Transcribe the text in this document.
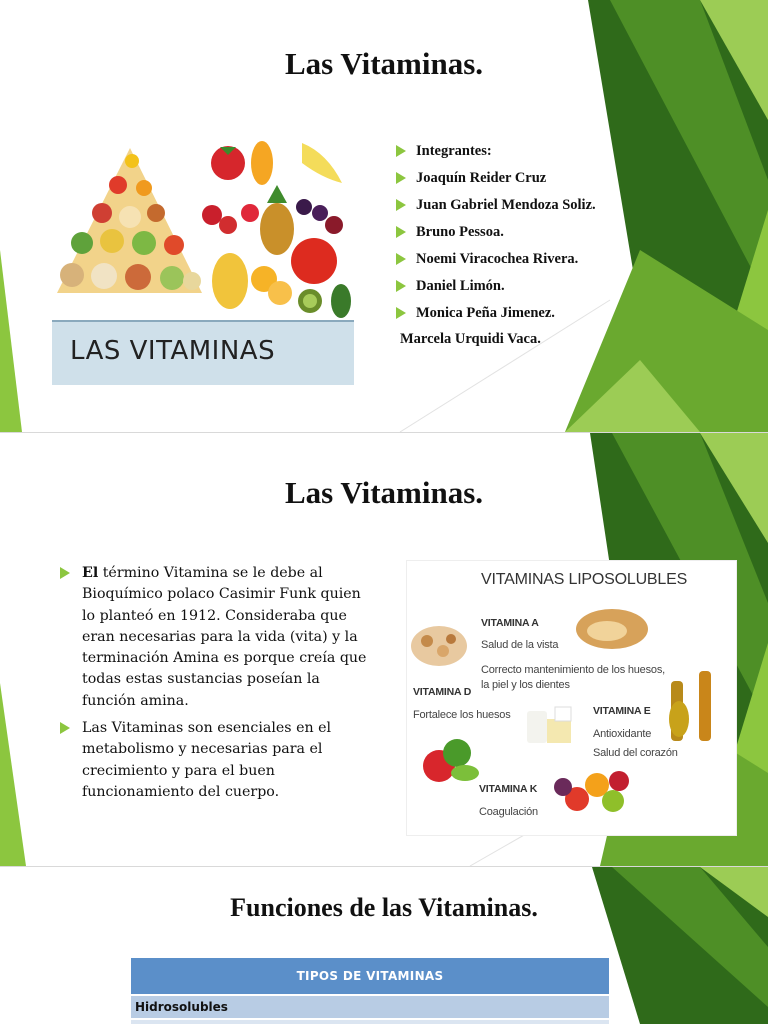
Las Vitaminas.
LAS VITAMINAS
Integrantes:
Joaquín Reider Cruz
Juan Gabriel Mendoza Soliz.
Bruno Pessoa.
Noemi Viracochea Rivera.
Daniel Limón.
Monica Peña Jimenez.
Marcela Urquidi Vaca.
Las Vitaminas.

El término Vitamina se le debe al Bioquímico polaco Casimir Funk quien lo planteó en 1912. Consideraba que eran necesarias para la vida (vita) y la terminación Amina es porque creía que todas estas sustancias poseían la función amina.

Las Vitaminas son esenciales en el metabolismo y necesarias para el crecimiento y para el buen funcionamiento del cuerpo.

VITAMINAS LIPOSOLUBLES
VITAMINA A
Salud de la vista
Correcto mantenimiento de los huesos,
la piel y los dientes
VITAMINA D
Fortalece los huesos	VITAMINA E
Antioxidante
Salud del corazón
VITAMINA K
Coagulación
Funciones de las Vitaminas.
TIPOS DE VITAMINAS
Hidrosolubles
